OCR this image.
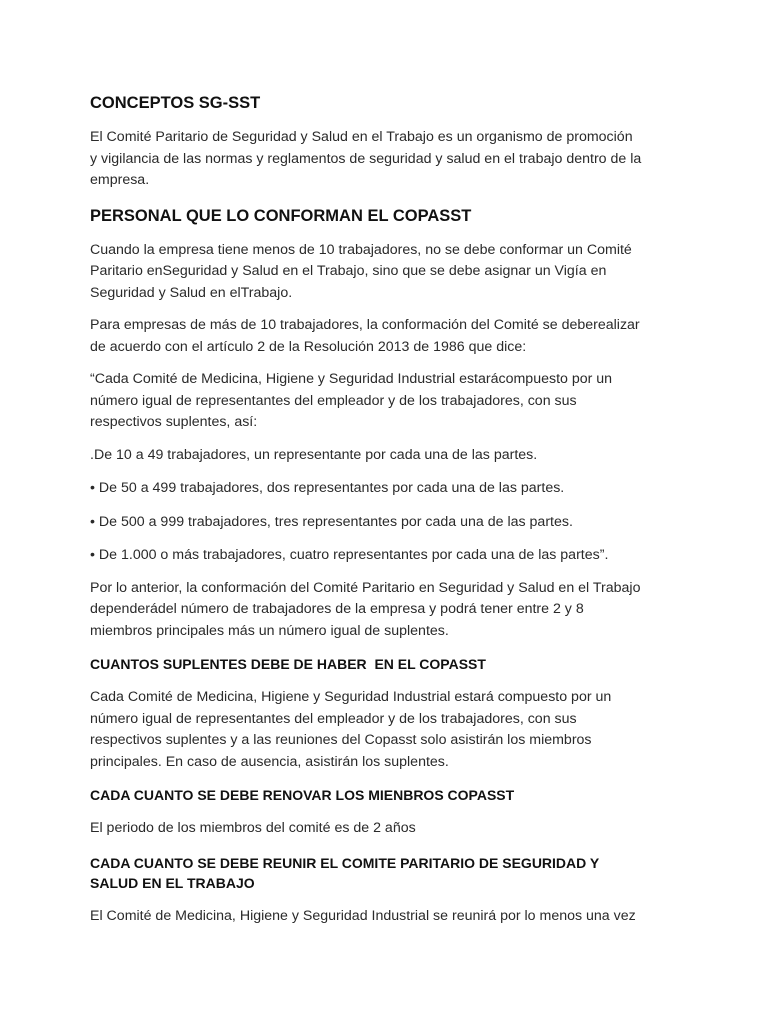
CONCEPTOS SG-SST

El Comité Paritario de Seguridad y Salud en el Trabajo es un organismo de promoción
y vigilancia de las normas y reglamentos de seguridad y salud en el trabajo dentro de la
empresa.

PERSONAL QUE LO CONFORMAN EL COPASST

Cuando la empresa tiene menos de 10 trabajadores, no se debe conformar un Comité
Paritario enSeguridad y Salud en el Trabajo, sino que se debe asignar un Vigía en
Seguridad y Salud en elTrabajo.

Para empresas de más de 10 trabajadores, la conformación del Comité se deberealizar
de acuerdo con el artículo 2 de la Resolución 2013 de 1986 que dice:

“Cada Comité de Medicina, Higiene y Seguridad Industrial estarácompuesto por un
número igual de representantes del empleador y de los trabajadores, con sus
respectivos suplentes, así:

.De 10 a 49 trabajadores, un representante por cada una de las partes.

• De 50 a 499 trabajadores, dos representantes por cada una de las partes.

• De 500 a 999 trabajadores, tres representantes por cada una de las partes.

• De 1.000 o más trabajadores, cuatro representantes por cada una de las partes”.

Por lo anterior, la conformación del Comité Paritario en Seguridad y Salud en el Trabajo
dependerádel número de trabajadores de la empresa y podrá tener entre 2 y 8
miembros principales más un número igual de suplentes.

CUANTOS SUPLENTES DEBE DE HABER  EN EL COPASST

Cada Comité de Medicina, Higiene y Seguridad Industrial estará compuesto por un
número igual de representantes del empleador y de los trabajadores, con sus
respectivos suplentes y a las reuniones del Copasst solo asistirán los miembros
principales. En caso de ausencia, asistirán los suplentes.

CADA CUANTO SE DEBE RENOVAR LOS MIENBROS COPASST

El periodo de los miembros del comité es de 2 años

CADA CUANTO SE DEBE REUNIR EL COMITE PARITARIO DE SEGURIDAD Y
SALUD EN EL TRABAJO

El Comité de Medicina, Higiene y Seguridad Industrial se reunirá por lo menos una vez
